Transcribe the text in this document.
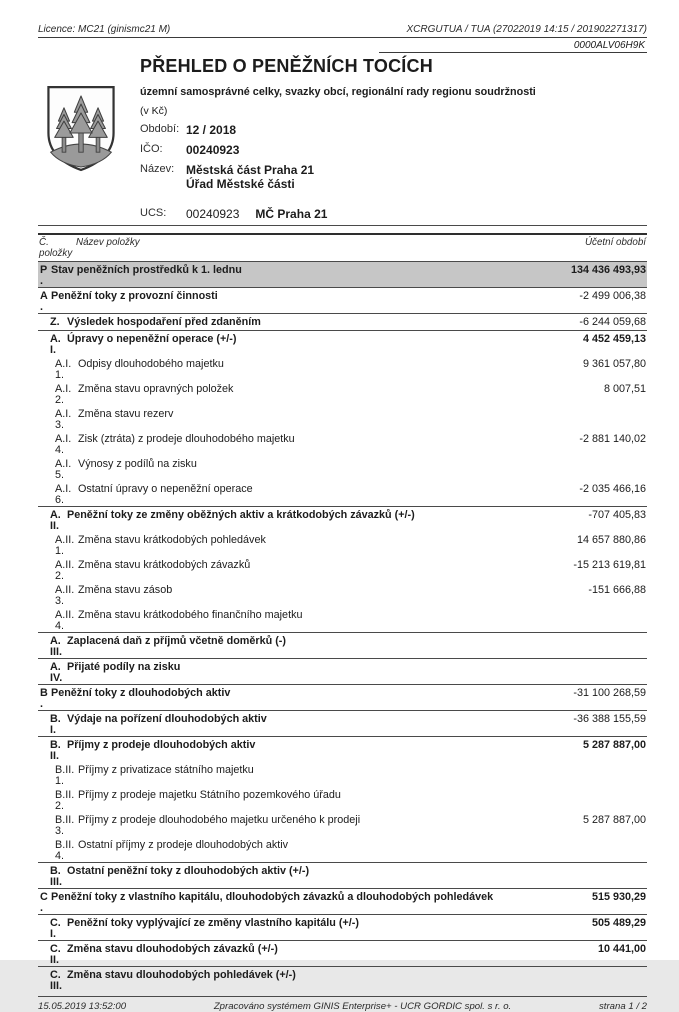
Licence: MC21 (ginismc21 M)	XCRGUTUA / TUA (27022019 14:15 / 201902271317)
0000ALV06H9K
PŘEHLED O PENĚŽNÍCH TOCÍCH
územní samosprávné celky, svazky obcí, regionální rady regionu soudržnosti
(v Kč)
Období: 12 / 2018
IČO:	00240923
Název: Městská část Praha 21
Úřad Městské části
UCS:	00240923 MČ Praha 21
Č.
položky
Název položky	Účetní období
P
.
Stav peněžních prostředků k 1. lednu	134 436 493,93
A
.
Peněžní toky z provozní činnosti	-2 499 006,38
Z. Výsledek hospodaření před zdaněním	-6 244 059,68
A.
I.
Úpravy o nepeněžní operace (+/-)	4 452 459,13
A.I.
1.
Odpisy dlouhodobého majetku	9 361 057,80
A.I.
2.
Změna stavu opravných položek	8 007,51
A.I.
3.
Změna stavu rezerv
A.I.
4.
Zisk (ztráta) z prodeje dlouhodobého majetku	-2 881 140,02
A.I.
5.
Výnosy z podílů na zisku
A.I.
6.
Ostatní úpravy o nepeněžní operace	-2 035 466,16
A.
II.
Peněžní toky ze změny oběžných aktiv a krátkodobých závazků (+/-)	-707 405,83
A.II.
1.
Změna stavu krátkodobých pohledávek	14 657 880,86
A.II.
2.
Změna stavu krátkodobých závazků	-15 213 619,81
A.II.
3.
Změna stavu zásob	-151 666,88
A.II.
4.
Změna stavu krátkodobého finančního majetku
A.
III.
Zaplacená daň z příjmů včetně doměrků (-)
A.
IV.
Přijaté podíly na zisku
B
.
Peněžní toky z dlouhodobých aktiv	-31 100 268,59
B.
I.
Výdaje na pořízení dlouhodobých aktiv	-36 388 155,59
B.
II.
Příjmy z prodeje dlouhodobých aktiv	5 287 887,00
B.II.
1.
Příjmy z privatizace státního majetku
B.II.
2.
Příjmy z prodeje majetku Státního pozemkového úřadu
B.II.
3.
Příjmy z prodeje dlouhodobého majetku určeného k prodeji	5 287 887,00
B.II.
4.
Ostatní příjmy z prodeje dlouhodobých aktiv
B.
III.
Ostatní peněžní toky z dlouhodobých aktiv (+/-)
C
.
Peněžní toky z vlastního kapitálu, dlouhodobých závazků a dlouhodobých pohledávek	515 930,29
C.
I.
Peněžní toky vyplývající ze změny vlastního kapitálu (+/-)	505 489,29
C.
II.
Změna stavu dlouhodobých závazků (+/-)	10 441,00
C.
III.
Změna stavu dlouhodobých pohledávek (+/-)
15.05.2019 13:52:00	Zpracováno systémem GINIS Enterprise+ - UCR GORDIC spol. s r. o.	strana 1 / 2
